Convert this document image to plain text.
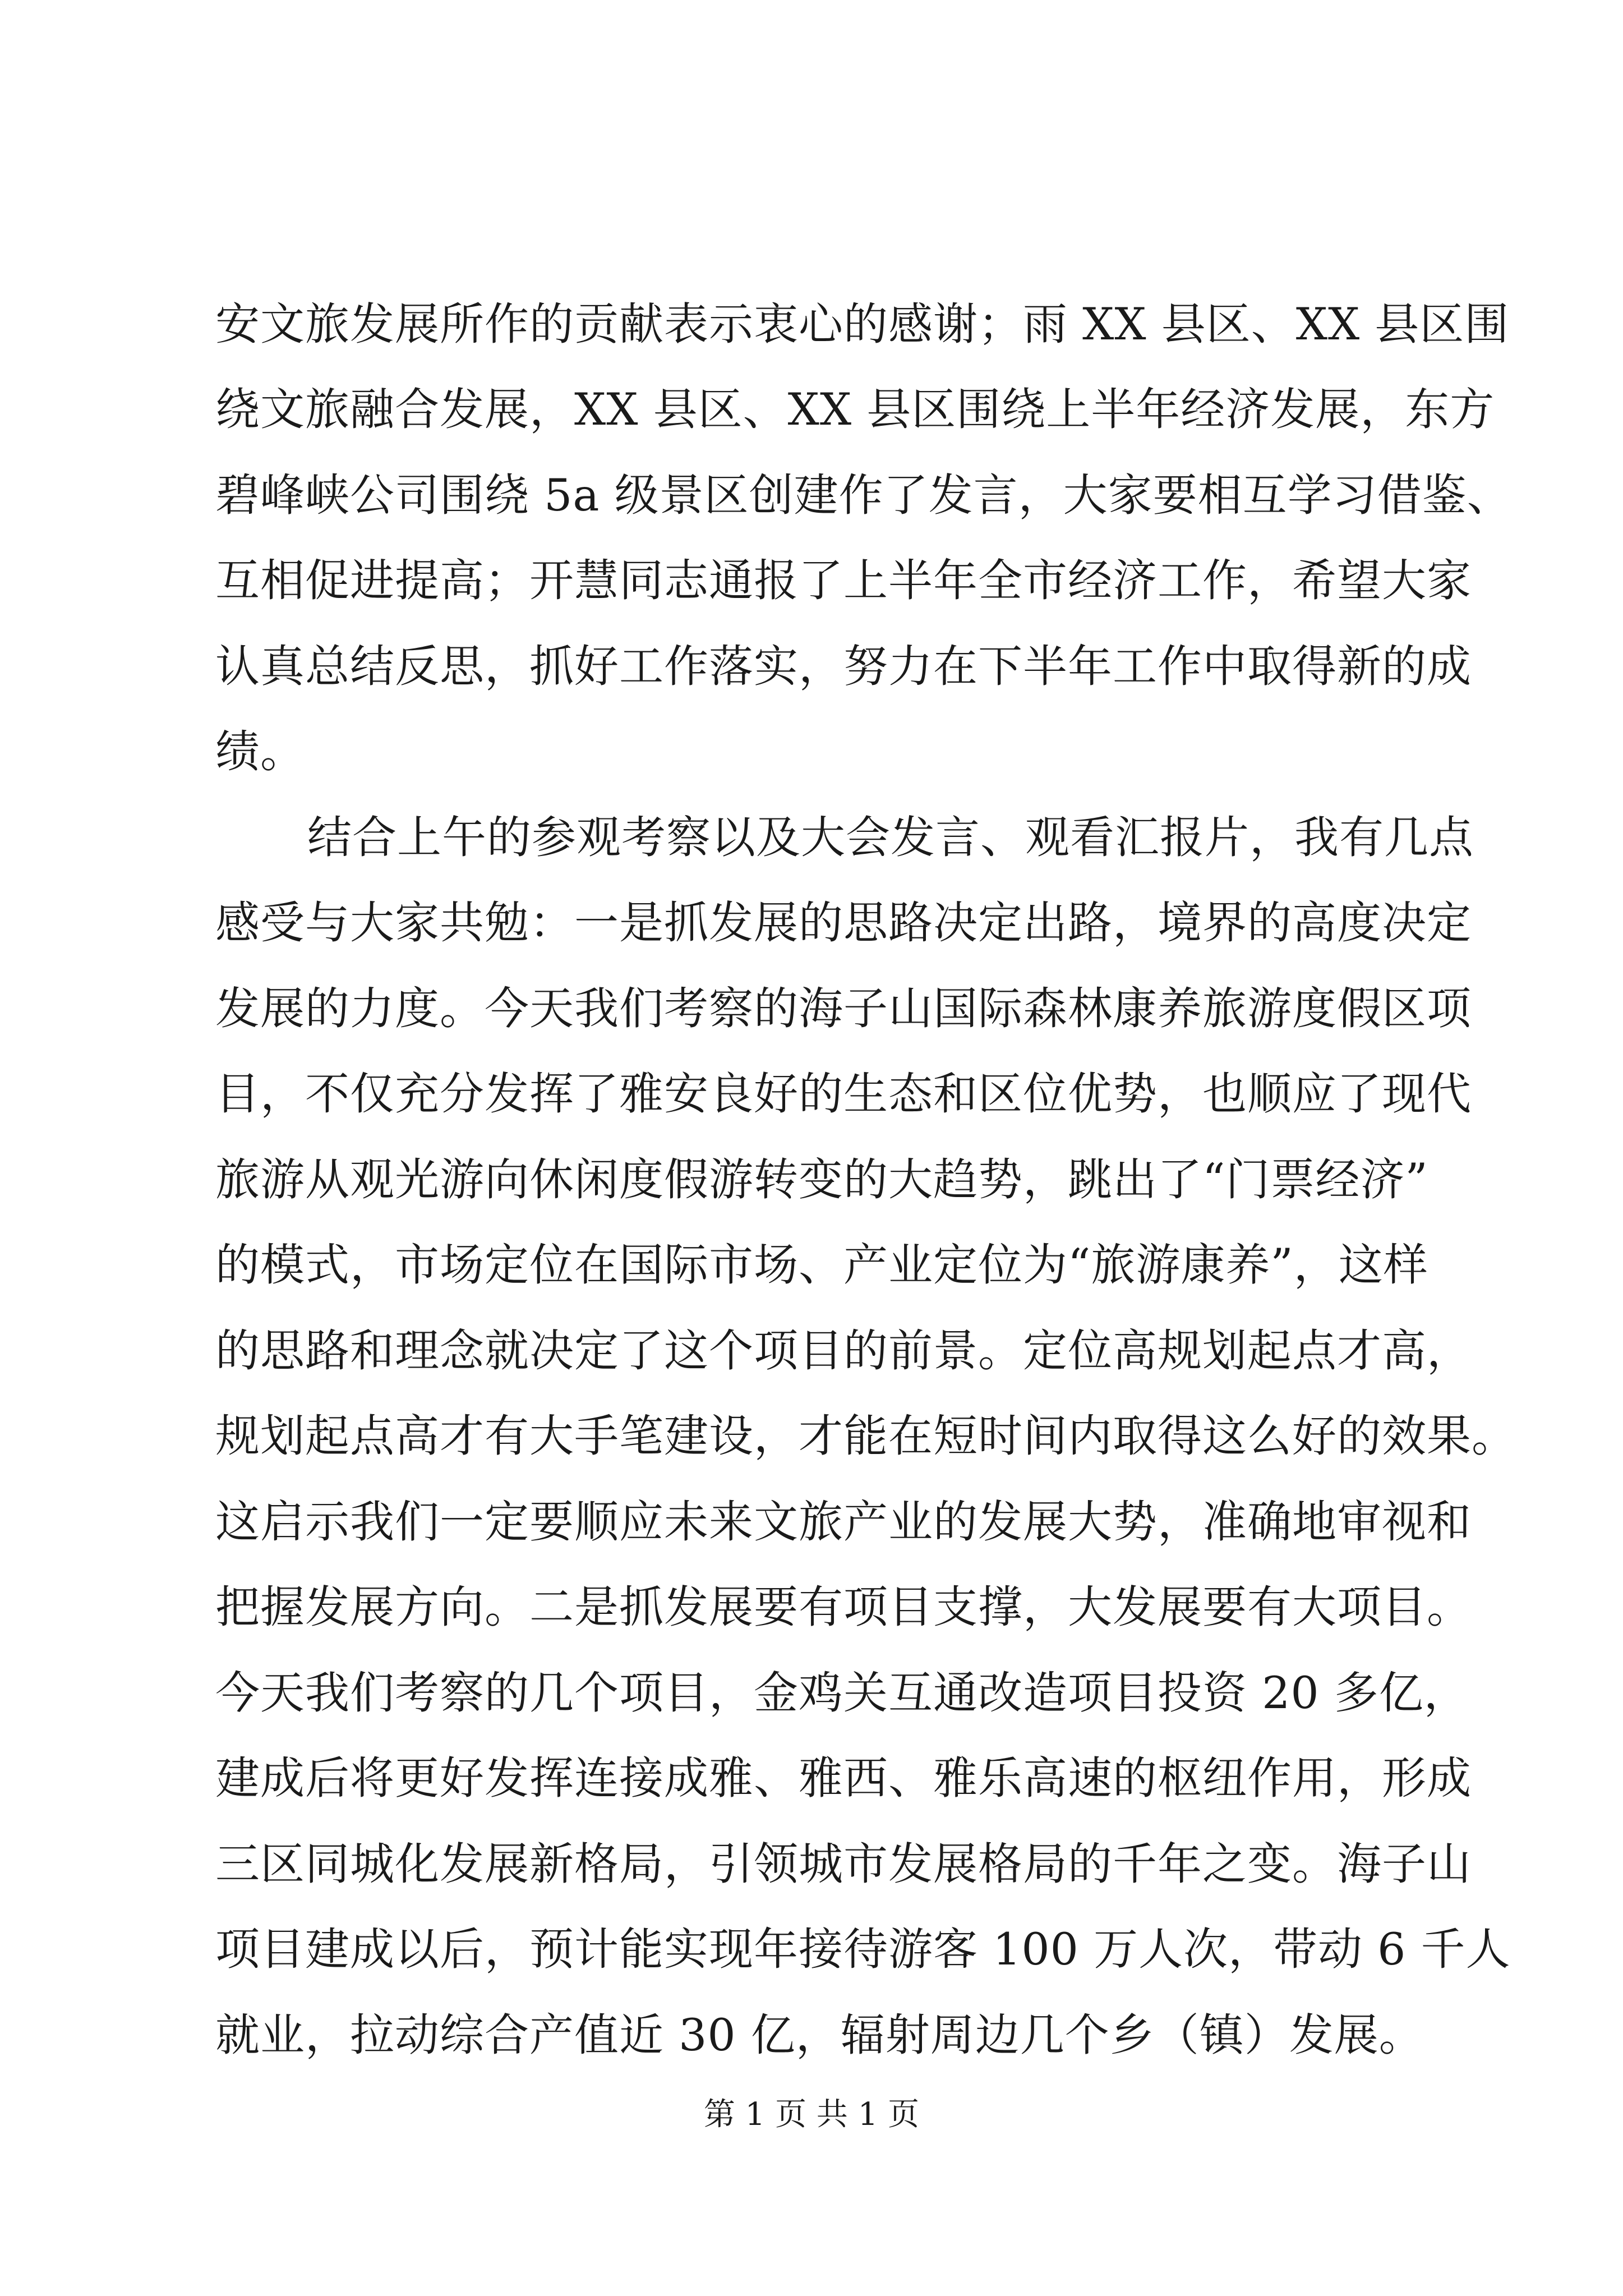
安文旅发展所作的贡献表示衷心的感谢；雨 XX 县区、XX 县区围
绕文旅融合发展，XX 县区、XX 县区围绕上半年经济发展，东方
碧峰峡公司围绕 5a 级景区创建作了发言，大家要相互学习借鉴、
互相促进提高；开慧同志通报了上半年全市经济工作，希望大家
认真总结反思，抓好工作落实，努力在下半年工作中取得新的成
绩。
结合上午的参观考察以及大会发言、观看汇报片，我有几点
感受与大家共勉：一是抓发展的思路决定出路，境界的高度决定
发展的力度。今天我们考察的海子山国际森林康养旅游度假区项
目，不仅充分发挥了雅安良好的生态和区位优势，也顺应了现代
旅游从观光游向休闲度假游转变的大趋势，跳出了“门票经济”
的模式，市场定位在国际市场、产业定位为“旅游康养”，这样
的思路和理念就决定了这个项目的前景。定位高规划起点才高，
规划起点高才有大手笔建设，才能在短时间内取得这么好的效果。
这启示我们一定要顺应未来文旅产业的发展大势，准确地审视和
把握发展方向。二是抓发展要有项目支撑，大发展要有大项目。
今天我们考察的几个项目，金鸡关互通改造项目投资 20 多亿，
建成后将更好发挥连接成雅、雅西、雅乐高速的枢纽作用，形成
三区同城化发展新格局，引领城市发展格局的千年之变。海子山
项目建成以后，预计能实现年接待游客 100 万人次，带动 6 千人
就业，拉动综合产值近 30 亿，辐射周边几个乡（镇）发展。
第 1 页 共 1 页
